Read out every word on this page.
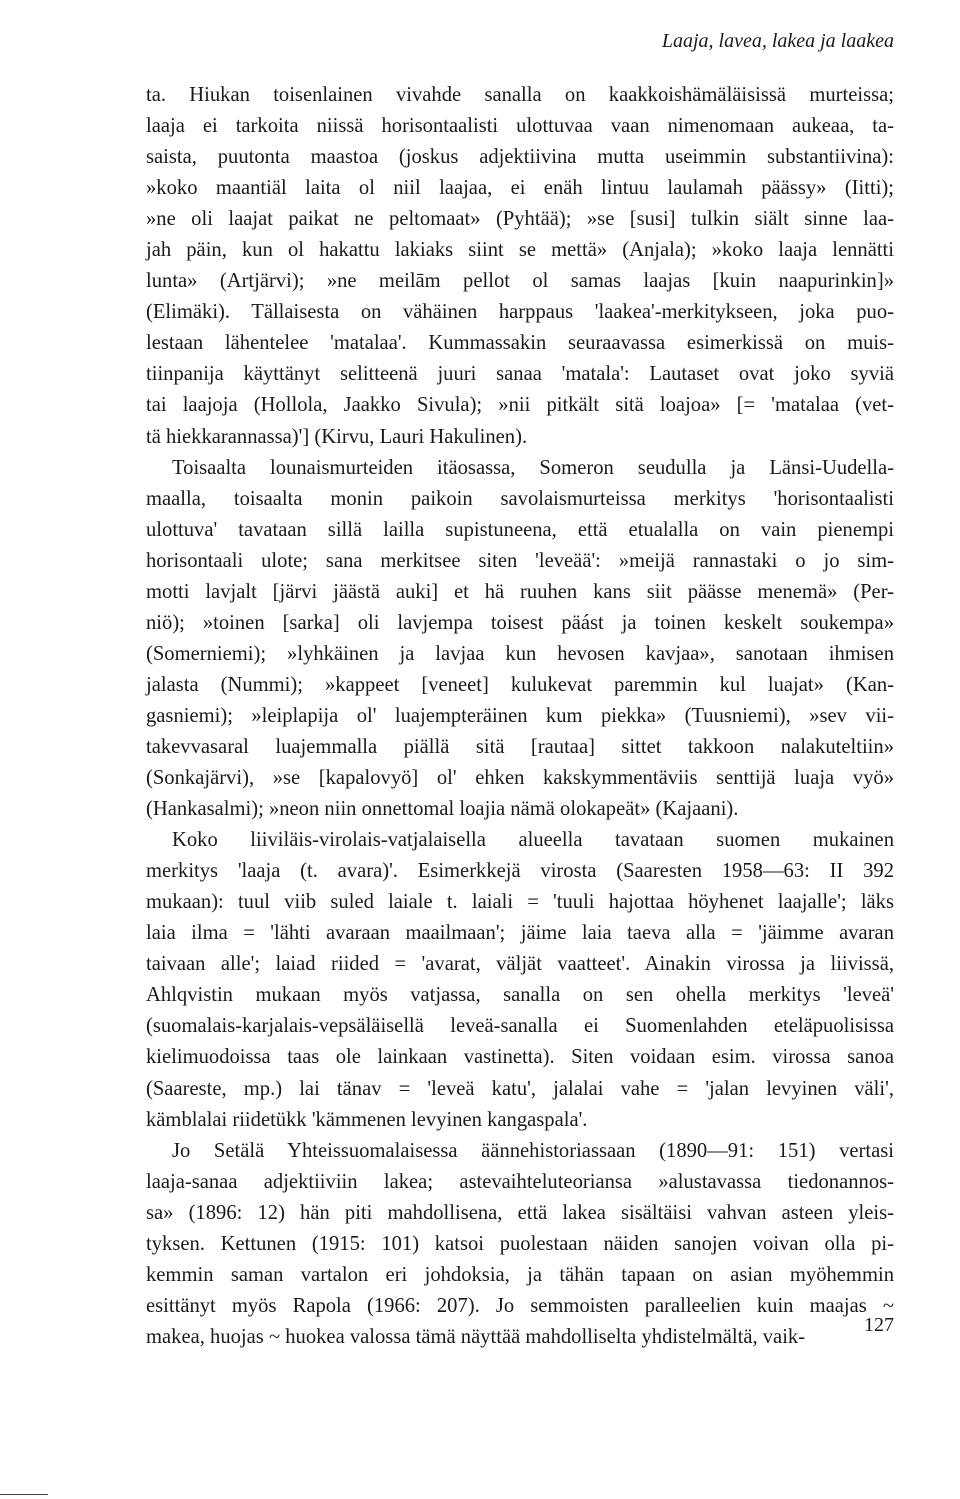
Laaja, lavea, lakea ja laakea
ta. Hiukan toisenlainen vivahde sanalla on kaakkoishämäläisissä murteissa;
laaja ei tarkoita niissä horisontaalisti ulottuvaa vaan nimenomaan aukeaa, ta-
saista, puutonta maastoa (joskus adjektiivina mutta useimmin substantiivina):
»koko maantiäl laita ol niil laajaa, ei enäh lintuu laulamah päässy» (Iitti);
»ne oli laajat paikat ne peltomaat» (Pyhtää); »se [susi] tulkin siält sinne laa-
jah päin, kun ol hakattu lakiaks siint se mettä» (Anjala); »koko laaja lennätti
lunta» (Artjärvi); »ne meilām pellot ol samas laajas [kuin naapurinkin]»
(Elimäki). Tällaisesta on vähäinen harppaus 'laakea'-merkitykseen, joka puo-
lestaan lähentelee 'matalaa'. Kummassakin seuraavassa esimerkissä on muis-
tiinpanija käyttänyt selitteenä juuri sanaa 'matala': Lautaset ovat joko syviä
tai laajoja (Hollola, Jaakko Sivula); »nii pitkält sitä loajoa» [= 'matalaa (vet-
tä hiekkarannassa)'] (Kirvu, Lauri Hakulinen).
Toisaalta lounaismurteiden itäosassa, Someron seudulla ja Länsi-Uudella-
maalla, toisaalta monin paikoin savolaismurteissa merkitys 'horisontaalisti
ulottuva' tavataan sillä lailla supistuneena, että etualalla on vain pienempi
horisontaali ulote; sana merkitsee siten 'leveää': »meijä rannastaki o jo sim-
motti lavjalt [järvi jäästä auki] et hä ruuhen kans siit päässe menemä» (Per-
niö); »toinen [sarka] oli lavjempa toisest päást ja toinen keskelt soukempa»
(Somerniemi); »lyhkäinen ja lavjaa kun hevosen kavjaa», sanotaan ihmisen
jalasta (Nummi); »kappeet [veneet] kulukevat paremmin kul luajat» (Kan-
gasniemi); »leiplapija ol' luajempteräinen kum piekka» (Tuusniemi), »sev vii-
takevvasaral luajemmalla piällä sitä [rautaa] sittet takkoon nalakuteltiin»
(Sonkajärvi), »se [kapalovyö] ol' ehken kakskymmentäviis senttijä luaja vyö»
(Hankasalmi); »neon niin onnettomal loajia nämä olokapeät» (Kajaani).
Koko liiviläis-virolais-vatjalaisella alueella tavataan suomen mukainen
merkitys 'laaja (t. avara)'. Esimerkkejä virosta (Saaresten 1958—63: II 392
mukaan): tuul viib suled laiale t. laiali = 'tuuli hajottaa höyhenet laajalle'; läks
laia ilma = 'lähti avaraan maailmaan'; jäime laia taeva alla = 'jäimme avaran
taivaan alle'; laiad riided = 'avarat, väljät vaatteet'. Ainakin virossa ja liivissä,
Ahlqvistin mukaan myös vatjassa, sanalla on sen ohella merkitys 'leveä'
(suomalais-karjalais-vepsäläisellä leveä-sanalla ei Suomenlahden eteläpuolisissa
kielimuodoissa taas ole lainkaan vastinetta). Siten voidaan esim. virossa sanoa
(Saareste, mp.) lai tänav = 'leveä katu', jalalai vahe = 'jalan levyinen väli',
kämblalai riidetükk 'kämmenen levyinen kangaspala'.
Jo Setälä Yhteissuomalaisessa äännehistoriassaan (1890—91: 151) vertasi
laaja-sanaa adjektiiviin lakea; astevaihteluteoriansa »alustavassa tiedonannos-
sa» (1896: 12) hän piti mahdollisena, että lakea sisältäisi vahvan asteen yleis-
tyksen. Kettunen (1915: 101) katsoi puolestaan näiden sanojen voivan olla pi-
kemmin saman vartalon eri johdoksia, ja tähän tapaan on asian myöhemmin
esittänyt myös Rapola (1966: 207). Jo semmoisten paralleelien kuin maajas ~
makea, huojas ~ huokea valossa tämä näyttää mahdolliselta yhdistelmältä, vaik-
127
